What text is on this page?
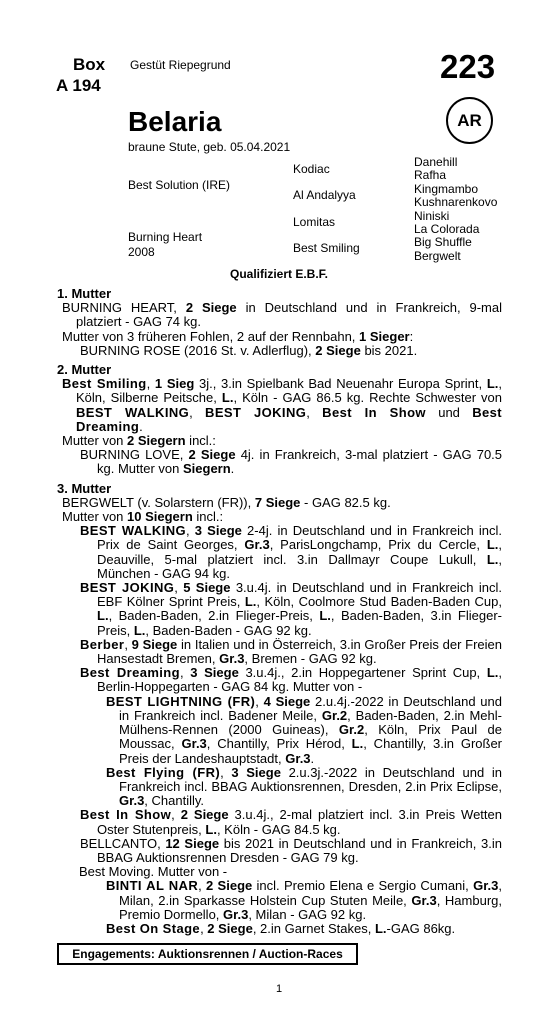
Box
A 194
Gestüt Riepegrund	223
Belaria	AR
braune Stute, geb. 05.04.2021
Best Solution (IRE)
Burning Heart
2008
Kodiac
Al Andalyya
Lomitas
Best Smiling
Danehill
Rafha
Kingmambo
Kushnarenkovo
Niniski
La Colorada
Big Shuffle
Bergwelt
Qualifiziert E.B.F.
1. Mutter
BURNING HEART, 2 Siege in Deutschland und in Frankreich, 9-mal platziert - GAG 74 kg.
Mutter von 3 früheren Fohlen, 2 auf der Rennbahn, 1 Sieger:
BURNING ROSE (2016 St. v. Adlerflug), 2 Siege bis 2021.
2. Mutter
Best Smiling, 1 Sieg 3j., 3.in Spielbank Bad Neuenahr Europa Sprint, L., Köln, Silberne Peitsche, L., Köln - GAG 86.5 kg. Rechte Schwester von BEST WALKING, BEST JOKING, Best In Show und Best Dreaming.
Mutter von 2 Siegern incl.:
BURNING LOVE, 2 Siege 4j. in Frankreich, 3-mal platziert - GAG 70.5 kg. Mutter von Siegern.
3. Mutter
BERGWELT (v. Solarstern (FR)), 7 Siege - GAG 82.5 kg.
Mutter von 10 Siegern incl.:
BEST WALKING, 3 Siege 2-4j. in Deutschland und in Frankreich incl. Prix de Saint Georges, Gr.3, ParisLongchamp, Prix du Cercle, L., Deauville, 5-mal platziert incl. 3.in Dallmayr Coupe Lukull, L., München - GAG 94 kg.
BEST JOKING, 5 Siege 3.u.4j. in Deutschland und in Frankreich incl. EBF Kölner Sprint Preis, L., Köln, Coolmore Stud Baden-Baden Cup, L., Baden-Baden, 2.in Flieger-Preis, L., Baden-Baden, 3.in Flieger-Preis, L., Baden-Baden - GAG 92 kg.
Berber, 9 Siege in Italien und in Österreich, 3.in Großer Preis der Freien Hansestadt Bremen, Gr.3, Bremen - GAG 92 kg.
Best Dreaming, 3 Siege 3.u.4j., 2.in Hoppegartener Sprint Cup, L., Berlin-Hoppegarten - GAG 84 kg. Mutter von -
BEST LIGHTNING (FR), 4 Siege 2.u.4j.-2022 in Deutschland und in Frankreich incl. Badener Meile, Gr.2, Baden-Baden, 2.in Mehl-Mülhens-Rennen (2000 Guineas), Gr.2, Köln, Prix Paul de Moussac, Gr.3, Chantilly, Prix Hérod, L., Chantilly, 3.in Großer Preis der Landeshauptstadt, Gr.3.
Best Flying (FR), 3 Siege 2.u.3j.-2022 in Deutschland und in Frankreich incl. BBAG Auktionsrennen, Dresden, 2.in Prix Eclipse, Gr.3, Chantilly.
Best In Show, 2 Siege 3.u.4j., 2-mal platziert incl. 3.in Preis Wetten Oster Stutenpreis, L., Köln - GAG 84.5 kg.
BELLCANTO, 12 Siege bis 2021 in Deutschland und in Frankreich, 3.in BBAG Auktionsrennen Dresden - GAG 79 kg.
Best Moving. Mutter von -
BINTI AL NAR, 2 Siege incl. Premio Elena e Sergio Cumani, Gr.3, Milan, 2.in Sparkasse Holstein Cup Stuten Meile, Gr.3, Hamburg, Premio Dormello, Gr.3, Milan - GAG 92 kg.
Best On Stage, 2 Siege, 2.in Garnet Stakes, L.-GAG 86kg.
Engagements: Auktionsrennen / Auction-Races
1
